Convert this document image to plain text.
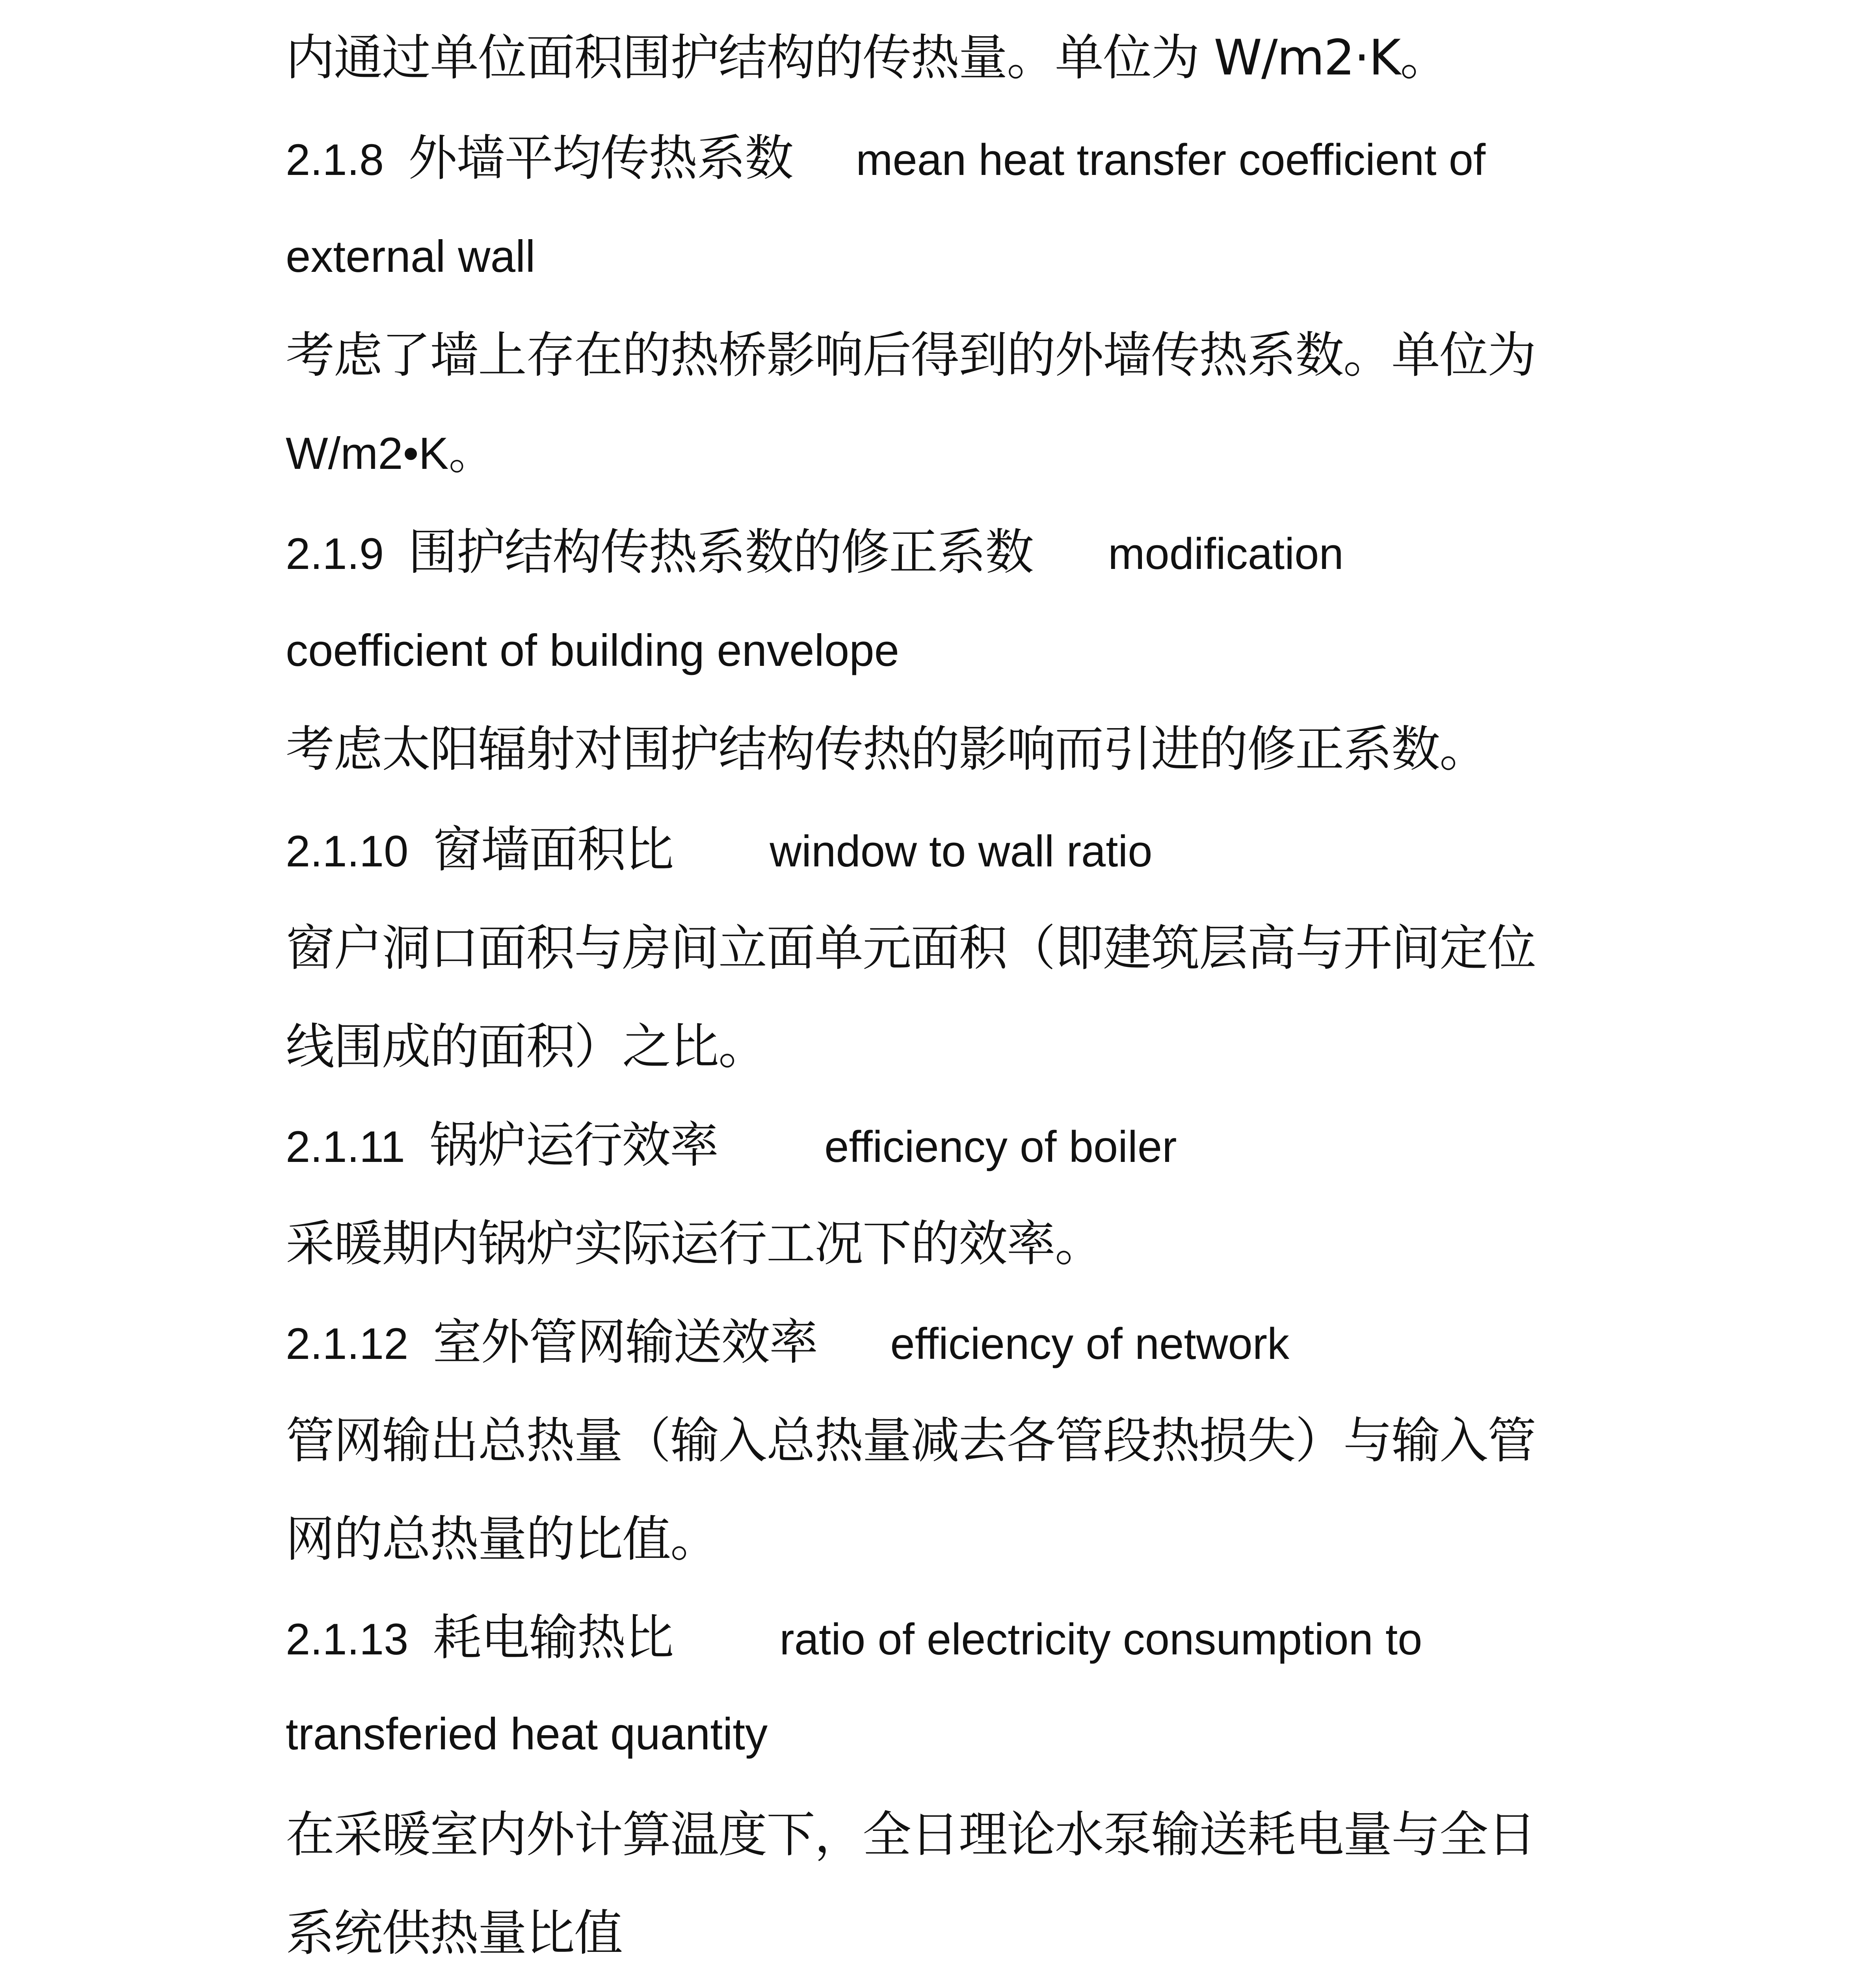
内通过单位面积围护结构的传热量。单位为 W/m2·K。
2.1.8 外墙平均传热系数 mean heat transfer coefficient of
external wall
考虑了墙上存在的热桥影响后得到的外墙传热系数。单位为
W/m2•K。
2.1.9 围护结构传热系数的修正系数 modification
coefficient of building envelope
考虑太阳辐射对围护结构传热的影响而引进的修正系数。
2.1.10 窗墙面积比 window to wall ratio
窗户洞口面积与房间立面单元面积（即建筑层高与开间定位
线围成的面积）之比。
2.1.11 锅炉运行效率 efficiency of boiler
采暖期内锅炉实际运行工况下的效率。
2.1.12 室外管网输送效率 efficiency of network
管网输出总热量（输入总热量减去各管段热损失）与输入管
网的总热量的比值。
2.1.13 耗电输热比 ratio of electricity consumption to
transferied heat quantity
在采暖室内外计算温度下，全日理论水泵输送耗电量与全日
系统供热量比值
